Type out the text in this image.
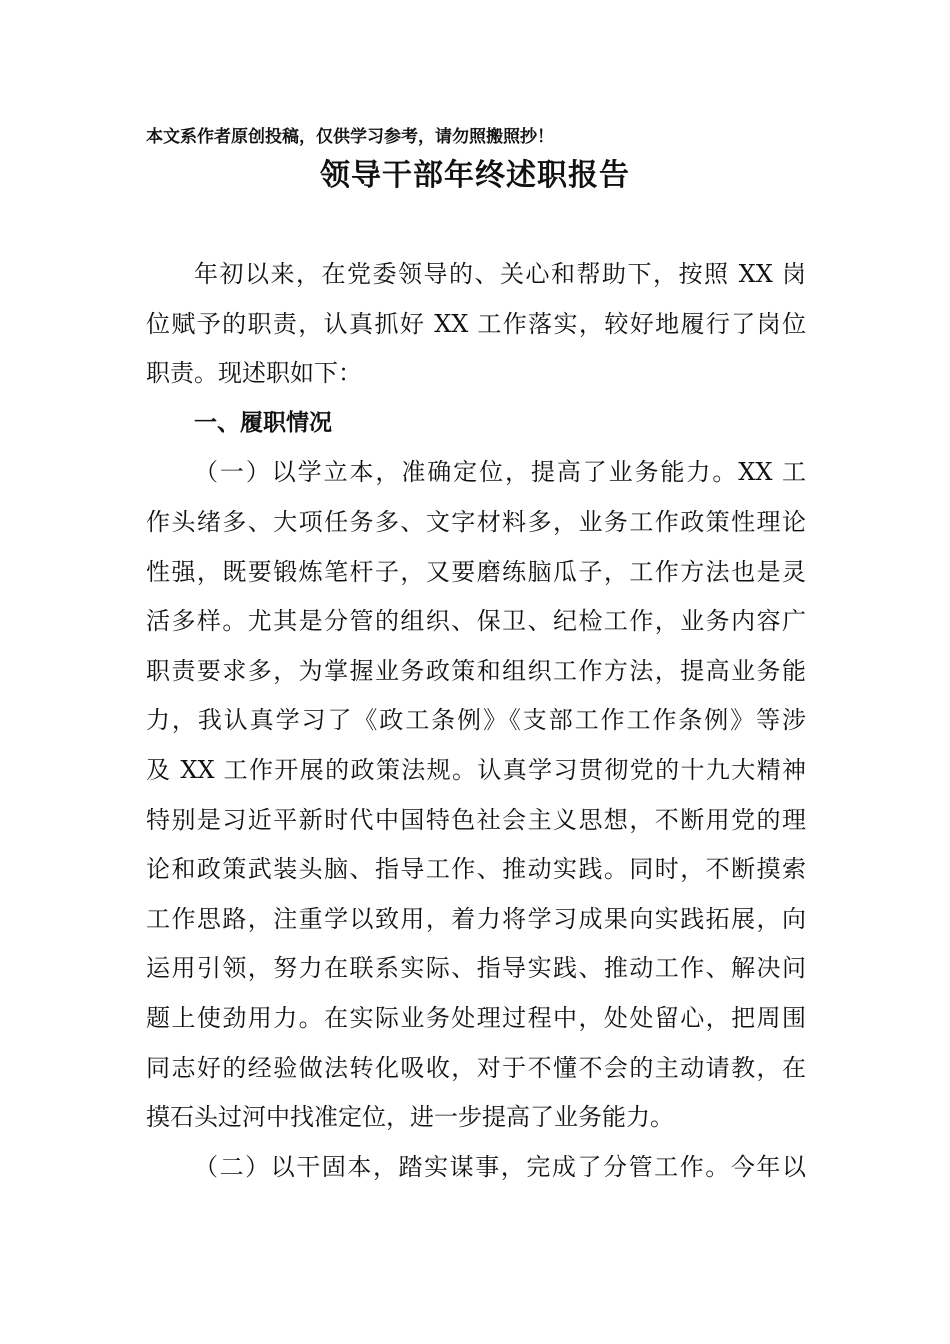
本文系作者原创投稿，仅供学习参考，请勿照搬照抄！
领导干部年终述职报告
年初以来，在党委领导的、关心和帮助下，按照 XX 岗
位赋予的职责，认真抓好 XX 工作落实，较好地履行了岗位
职责。现述职如下：
一、履职情况
（一）以学立本，准确定位，提高了业务能力。XX 工
作头绪多、大项任务多、文字材料多，业务工作政策性理论
性强，既要锻炼笔杆子，又要磨练脑瓜子，工作方法也是灵
活多样。尤其是分管的组织、保卫、纪检工作，业务内容广
职责要求多，为掌握业务政策和组织工作方法，提高业务能
力，我认真学习了《政工条例》《支部工作工作条例》等涉
及 XX 工作开展的政策法规。认真学习贯彻党的十九大精神
特别是习近平新时代中国特色社会主义思想，不断用党的理
论和政策武装头脑、指导工作、推动实践。同时，不断摸索
工作思路，注重学以致用，着力将学习成果向实践拓展，向
运用引领，努力在联系实际、指导实践、推动工作、解决问
题上使劲用力。在实际业务处理过程中，处处留心，把周围
同志好的经验做法转化吸收，对于不懂不会的主动请教，在
摸石头过河中找准定位，进一步提高了业务能力。
（二）以干固本，踏实谋事，完成了分管工作。今年以
